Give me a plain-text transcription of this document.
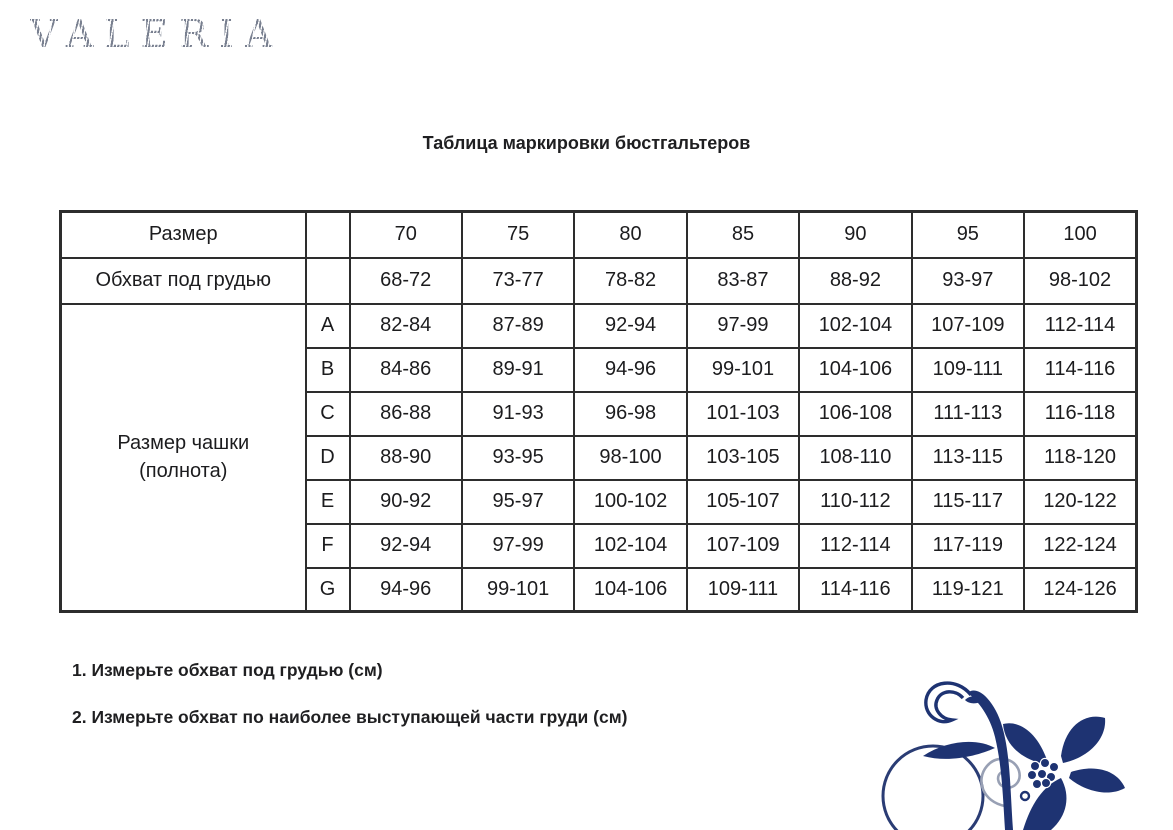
VALERIA
Таблица маркировки бюстгальтеров
Размер		70	75	80	85	90	95	100
Обхват под грудью		68-72	73-77	78-82	83-87	88-92	93-97	98-102

Размер чашки
(полнота)	A	82-84	87-89	92-94	97-99	102-104	107-109	112-114
	B	84-86	89-91	94-96	99-101	104-106	109-111	114-116
	C	86-88	91-93	96-98	101-103	106-108	111-113	116-118
	D	88-90	93-95	98-100	103-105	108-110	113-115	118-120
	E	90-92	95-97	100-102	105-107	110-112	115-117	120-122
	F	92-94	97-99	102-104	107-109	112-114	117-119	122-124
	G	94-96	99-101	104-106	109-111	114-116	119-121	124-126

1. Измерьте обхват под грудью (см)

2. Измерьте обхват по наиболее выступающей части груди (см)
